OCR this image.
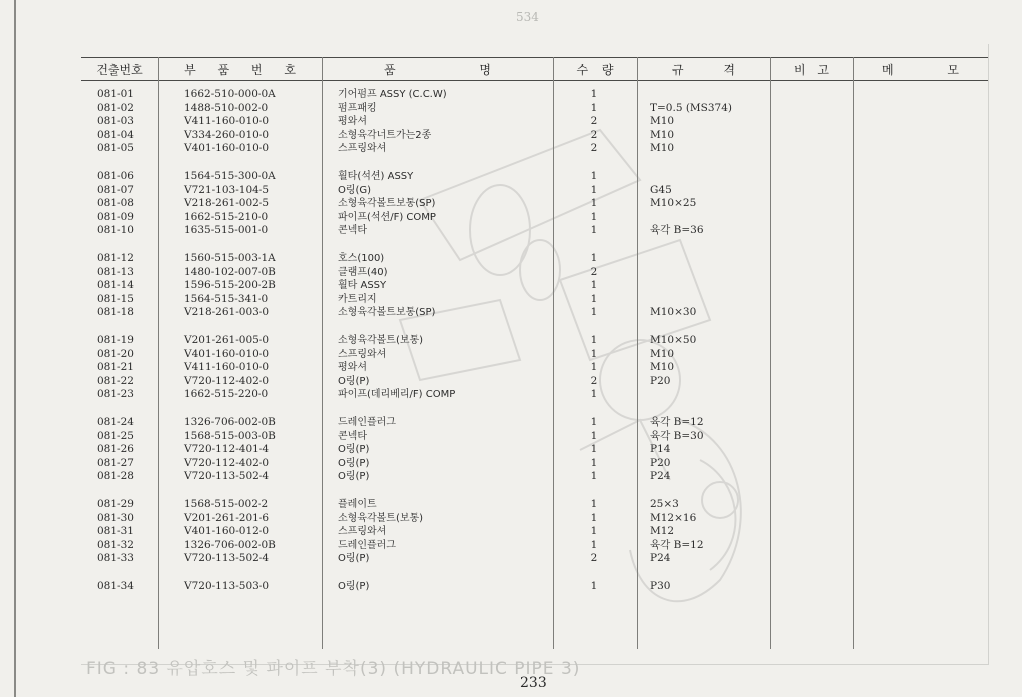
534
건출번호	부 품 번 호	품 명	수 량	규 격	비 고	메 모
081-01	1662-510-000-0A	기어펌프 ASSY (C.C.W)	1
081-02	1488-510-002-0	펌프패킹	1	T=0.5 (MS374)
081-03	V411-160-010-0	평와셔	2	M10
081-04	V334-260-010-0	소형육각너트가는2종	2	M10
081-05	V401-160-010-0	스프링와셔	2	M10
081-06	1564-515-300-0A	휠타(석션) ASSY	1
081-07	V721-103-104-5	O링(G)	1	G45
081-08	V218-261-002-5	소형육각볼트보통(SP)	1	M10×25
081-09	1662-515-210-0	파이프(석션/F) COMP	1
081-10	1635-515-001-0	콘넥타	1	육각 B=36
081-12	1560-515-003-1A	호스(100)	1
081-13	1480-102-007-0B	클램프(40)	2
081-14	1596-515-200-2B	휠타 ASSY	1
081-15	1564-515-341-0	카트리지	1
081-18	V218-261-003-0	소형육각볼트보통(SP)	1	M10×30
081-19	V201-261-005-0	소형육각볼트(보통)	1	M10×50
081-20	V401-160-010-0	스프링와셔	1	M10
081-21	V411-160-010-0	평와셔	1	M10
081-22	V720-112-402-0	O링(P)	2	P20
081-23	1662-515-220-0	파이프(데리베리/F) COMP	1
081-24	1326-706-002-0B	드레인플러그	1	육각 B=12
081-25	1568-515-003-0B	콘넥타	1	육각 B=30
081-26	V720-112-401-4	O링(P)	1	P14
081-27	V720-112-402-0	O링(P)	1	P20
081-28	V720-113-502-4	O링(P)	1	P24
081-29	1568-515-002-2	플레이트	1	25×3
081-30	V201-261-201-6	소형육각볼트(보통)	1	M12×16
081-31	V401-160-012-0	스프링와셔	1	M12
081-32	1326-706-002-0B	드레인플러그	1	육각 B=12
081-33	V720-113-502-4	O링(P)	2	P24
081-34	V720-113-503-0	O링(P)	1	P30
FIG : 83 유압호스 및 파이프 부착(3) (HYDRAULIC PIPE 3)
233
